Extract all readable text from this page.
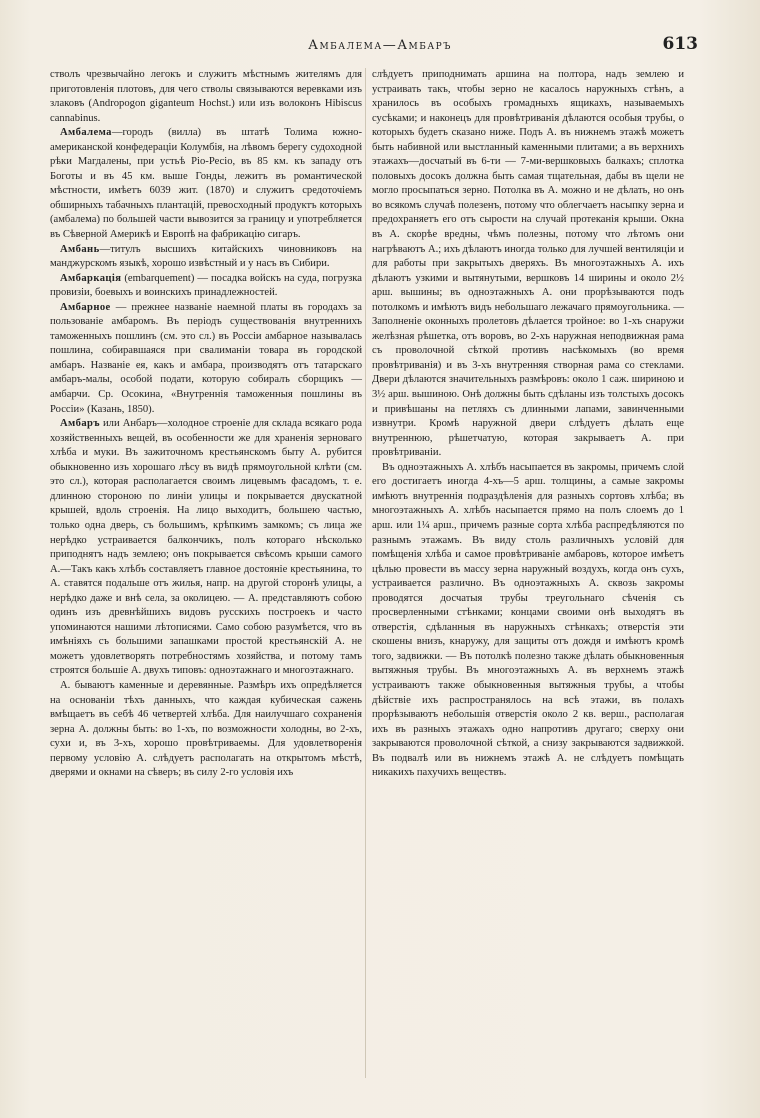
Амбалема—Амбаръ	613

стволъ чрезвычайно легокъ и служитъ мѣстнымъ жителямъ для приготовленія плотовъ, для чего стволы связываются веревками изъ злаковъ (Andropogon giganteum Hochst.) или изъ волоконъ Hibiscus cannabinus.

Амбалема—городъ (вилла) въ штатѣ Толима южно-американской конфедераціи Колумбія, на лѣвомъ берегу судоходной рѣки Магдалены, при устьѣ Ріо-Ресіо, въ 85 км. къ западу отъ Боготы и въ 45 км. выше Гонды, лежитъ въ романтической мѣстности, имѣетъ 6039 жит. (1870) и служитъ средоточіемъ обширныхъ табачныхъ плантацій, превосходный продуктъ которыхъ (амбалема) по большей части вывозится за границу и употребляется въ Сѣверной Америкѣ и Европѣ на фабрикацію сигаръ.

Амбань—титулъ высшихъ китайскихъ чиновниковъ на манджурскомъ языкѣ, хорошо извѣстный и у насъ въ Сибири.

Амбаркація (embarquement) — посадка войскъ на суда, погрузка провизіи, боевыхъ и воинскихъ принадлежностей.

Амбарное — прежнее названіе наемной платы въ городахъ за пользованіе амбаромъ. Въ періодъ существованія внутреннихъ таможенныхъ пошлинъ (см. это сл.) въ Россіи амбарное называлась пошлина, собиравшаяся при свалиманіи товара въ городской амбаръ. Названіе ея, какъ и амбара, производятъ отъ татарскаго амбаръ-малы, особой подати, которую собиралъ сборщикъ — амбарчи. Ср. Осокина, «Внутреннія таможенныя пошлины въ Россіи» (Казань, 1850).

Амбаръ или Анбаръ—холодное строеніе для склада всякаго рода хозяйственныхъ вещей, въ особенности же для храненія зерноваго хлѣба и муки. Въ зажиточномъ крестьянскомъ быту А. рубится обыкновенно изъ хорошаго лѣсу въ видѣ прямоугольной клѣти (см. это сл.), которая располагается своимъ лицевымъ фасадомъ, т. е. длинною стороною по линіи улицы и покрывается двускатной крышей, вдоль строенія. На лицо выходитъ, большею частью, только одна дверь, съ большимъ, крѣпкимъ замкомъ; съ лица же нерѣдко устраивается балкончикъ, полъ котораго нѣсколько приподнятъ надъ землею; онъ покрывается свѣсомъ крыши самого А.—Такъ какъ хлѣбъ составляетъ главное достояніе крестьянина, то А. ставятся подальше отъ жилья, напр. на другой сторонѣ улицы, а нерѣдко даже и внѣ села, за околицею. — А. представляютъ собою одинъ изъ древнѣйшихъ видовъ русскихъ построекъ и часто упоминаются нашими лѣтописями. Само собою разумѣется, что въ имѣніяхъ съ большими запашками простой крестьянскій А. не можетъ удовлетворять потребностямъ хозяйства, и потому тамъ строятся большіе А. двухъ типовъ: одноэтажнаго и многоэтажнаго.

А. бываютъ каменные и деревянные. Размѣръ ихъ опредѣляется на основаніи тѣхъ данныхъ, что каждая кубическая сажень вмѣщаетъ въ себѣ 46 четвертей хлѣба. Для наилучшаго сохраненія зерна А. должны быть: во 1-хъ, по возможности холодны, во 2-хъ, сухи и, въ 3-хъ, хорошо провѣтриваемы. Для удовлетворенія первому условію А. слѣдуетъ располагать на открытомъ мѣстѣ, дверями и окнами на сѣверъ; въ силу 2-го условія ихъ

слѣдуетъ приподнимать аршина на полтора, надъ землею и устраивать такъ, чтобы зерно не касалось наружныхъ стѣнъ, а хранилось въ особыхъ громадныхъ ящикахъ, называемыхъ сусѣками; и наконецъ для провѣтриванія дѣлаются особыя трубы, о которыхъ будетъ сказано ниже. Подъ А. въ нижнемъ этажѣ можетъ быть набивной или выстланный каменными плитами; а въ верхнихъ этажахъ—досчатый въ 6-ти — 7-ми-вершковыхъ балкахъ; сплотка половыхъ досокъ должна быть самая тщательная, дабы въ щели не могло просыпаться зерно. Потолка въ А. можно и не дѣлать, но онъ во всякомъ случаѣ полезенъ, потому что облегчаетъ насыпку зерна и предохраняетъ его отъ сырости на случай протеканія крыши. Окна въ А. скорѣе вредны, чѣмъ полезны, потому что лѣтомъ они нагрѣваютъ А.; ихъ дѣлаютъ иногда только для лучшей вентиляціи и для работы при закрытыхъ дверяхъ. Въ многоэтажныхъ А. ихъ дѣлаютъ узкими и вытянутыми, вершковъ 14 ширины и около 2½ арш. вышины; въ одноэтажныхъ А. они прорѣзываются подъ потолкомъ и имѣютъ видъ небольшаго лежачаго прямоугольника. — Заполненіе оконныхъ пролетовъ дѣлается тройное: во 1-хъ снаружи желѣзная рѣшетка, отъ воровъ, во 2-хъ наружная неподвижная рама съ проволочной сѣткой противъ насѣкомыхъ (во время провѣтриванія) и въ 3-хъ внутренняя створная рама со стеклами. Двери дѣлаются значительныхъ размѣровъ: около 1 саж. шириною и 3½ арш. вышиною. Онѣ должны быть сдѣланы изъ толстыхъ досокъ и привѣшаны на петляхъ съ длинными лапами, завинченными извнутри. Кромѣ наружной двери слѣдуетъ дѣлать еще внутреннюю, рѣшетчатую, которая закрываетъ А. при провѣтриваніи.

Въ одноэтажныхъ А. хлѣбъ насыпается въ закромы, причемъ слой его достигаетъ иногда 4-хъ—5 арш. толщины, а самые закромы имѣютъ внутреннія подраздѣленія для разныхъ сортовъ хлѣба; въ многоэтажныхъ А. хлѣбъ насыпается прямо на полъ слоемъ до 1 арш. или 1¼ арш., причемъ разные сорта хлѣба распредѣляются по разнымъ этажамъ. Въ виду столь различныхъ условій для помѣщенія хлѣба и самое провѣтриваніе амбаровъ, которое имѣетъ цѣлью провести въ массу зерна наружный воздухъ, когда онъ сухъ, устраивается различно. Въ одноэтажныхъ А. сквозь закромы проводятся досчатыя трубы треугольнаго сѣченія съ просверленными стѣнками; концами своими онѣ выходятъ въ отверстія, сдѣланныя въ наружныхъ стѣнкахъ; отверстія эти скошены внизъ, кнаружу, для защиты отъ дождя и имѣютъ кромѣ того, задвижки. — Въ потолкѣ полезно также дѣлать обыкновенныя вытяжныя трубы. Въ многоэтажныхъ А. въ верхнемъ этажѣ устраиваютъ также обыкновенныя вытяжныя трубы, а чтобы дѣйствіе ихъ распространялось на всѣ этажи, въ полахъ прорѣзываютъ небольшія отверстія около 2 кв. верш., располагая ихъ въ разныхъ этажахъ одно напротивъ другаго; сверху они закрываются проволочной сѣткой, а снизу закрываются задвижкой. Въ подвалѣ или въ нижнемъ этажѣ А. не слѣдуетъ помѣщать никакихъ пахучихъ веществъ.
